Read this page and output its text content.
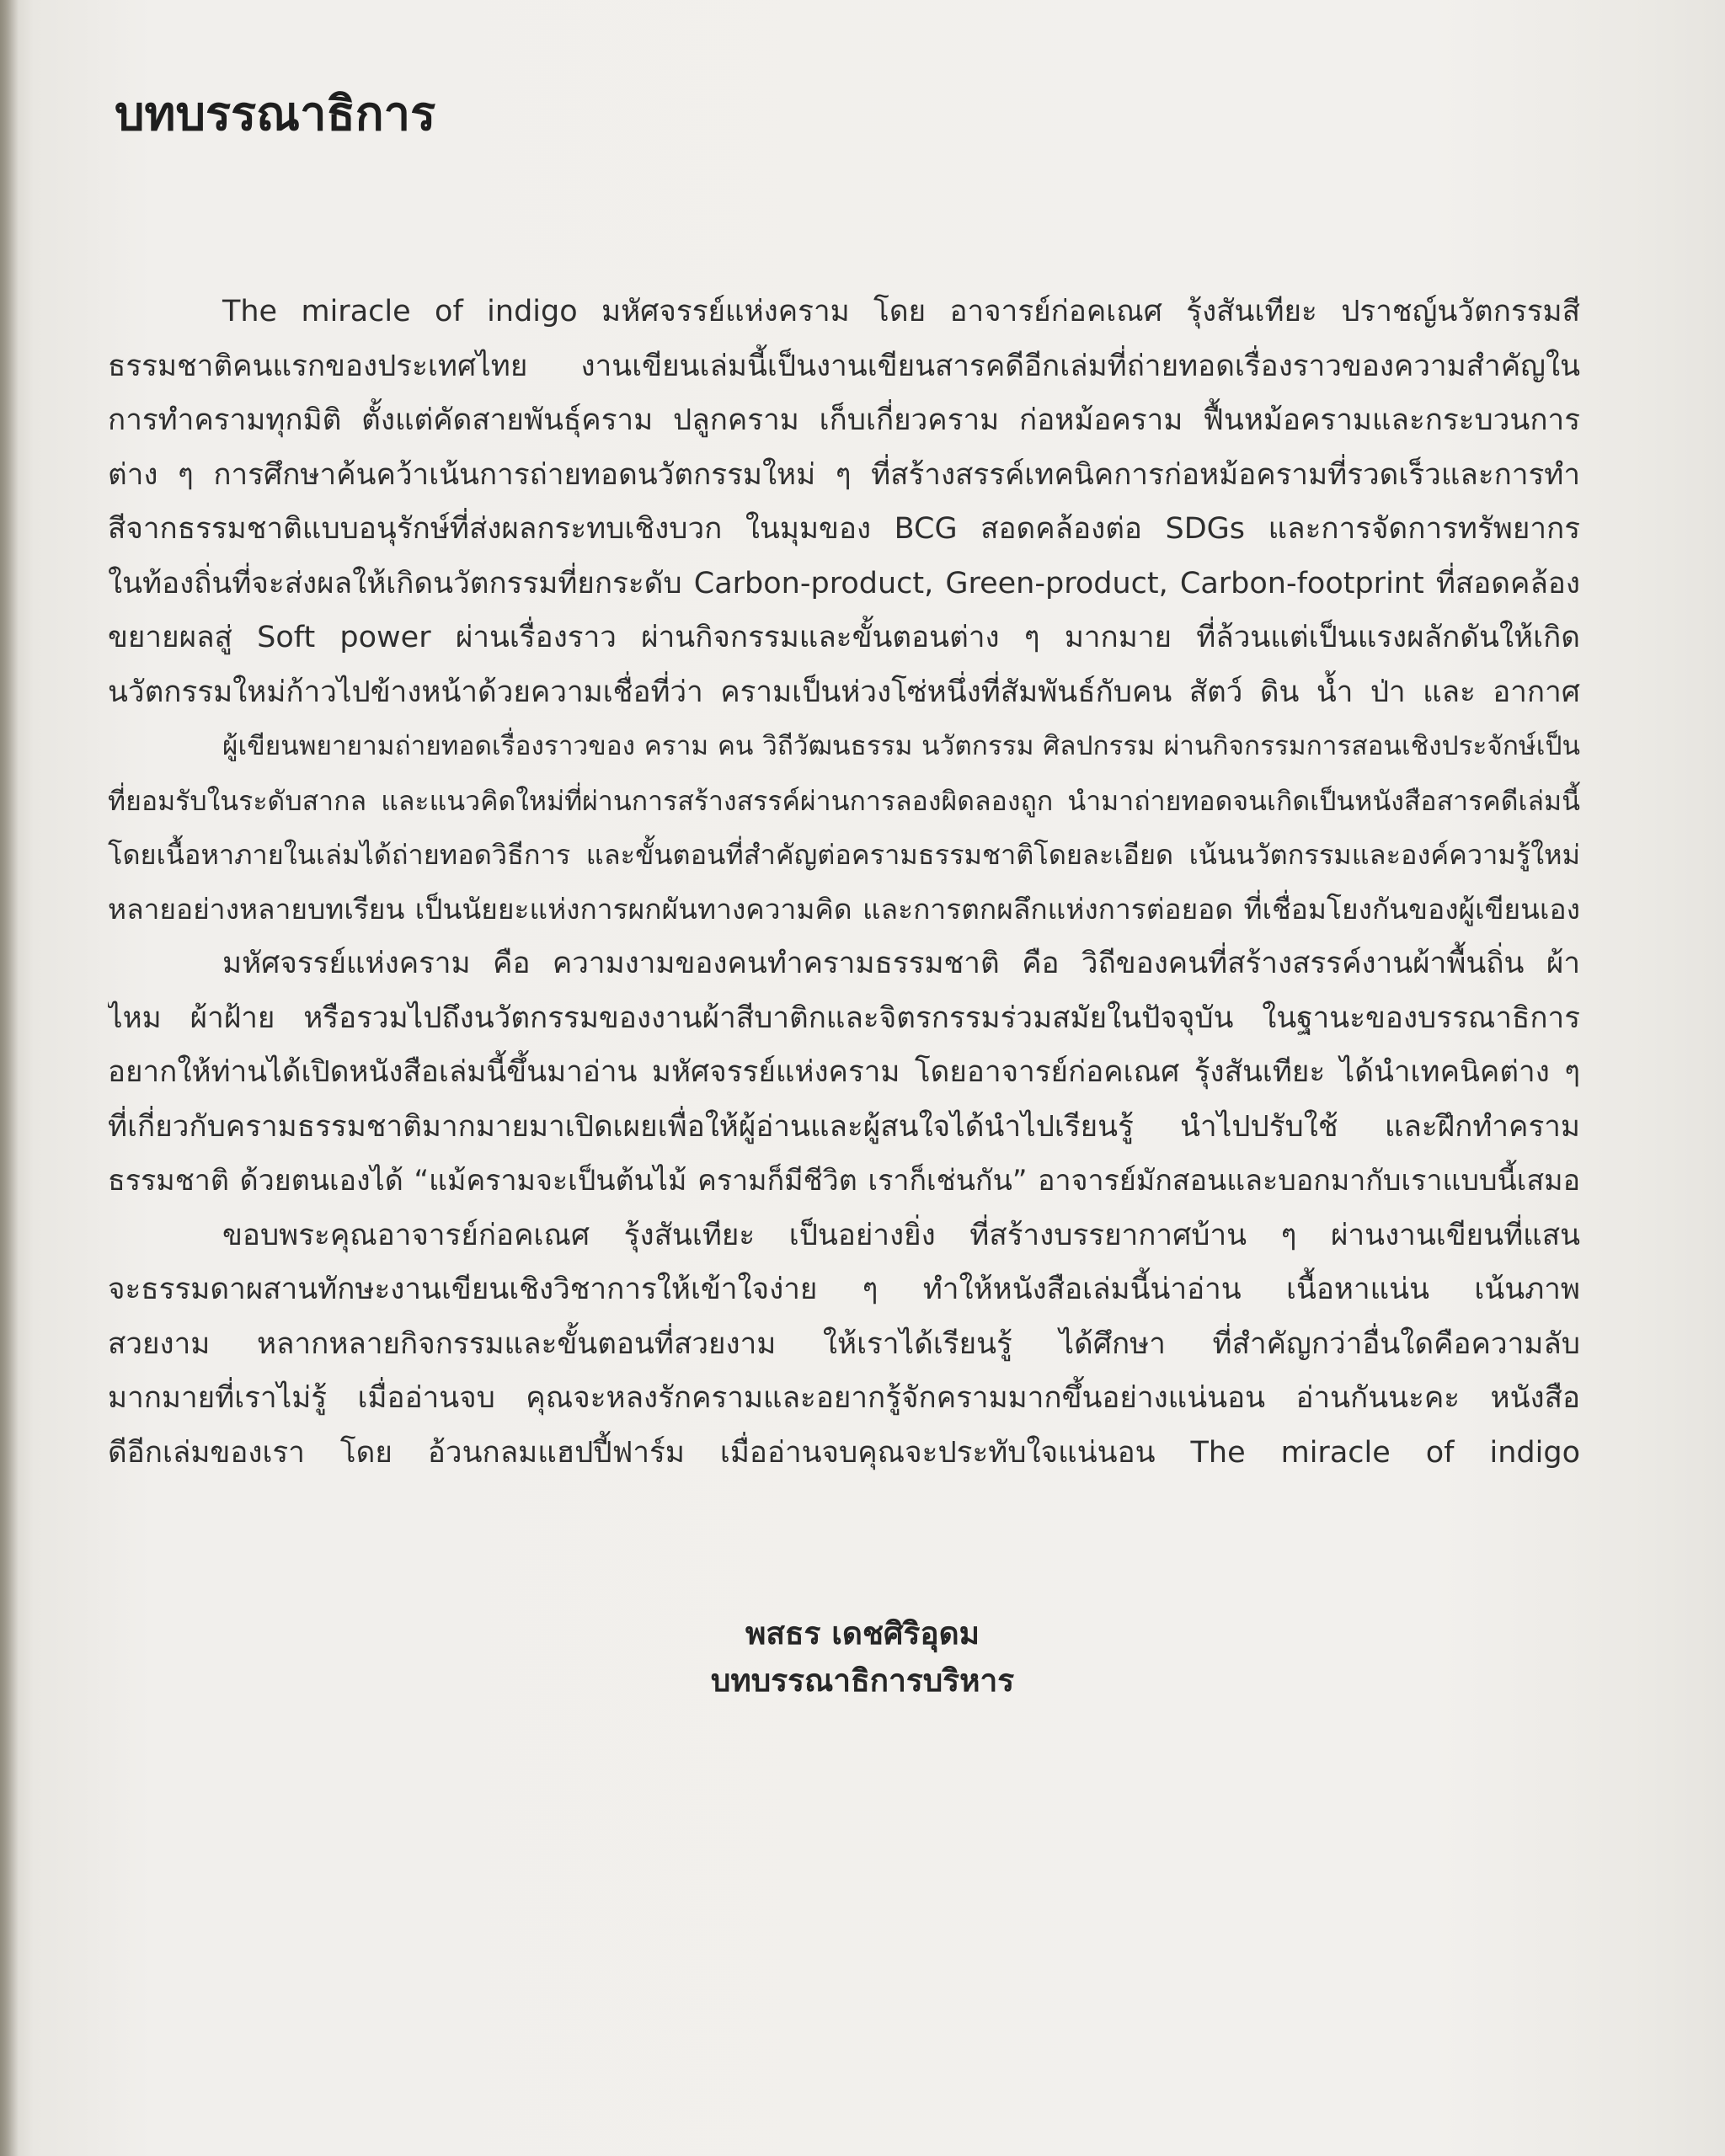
บทบรรณาธิการ
The miracle of indigo มหัศจรรย์แห่งคราม โดย อาจารย์ก่อคเณศ รุ้งสันเทียะ ปราชญ์นวัตกรรมสี
ธรรมชาติคนแรกของประเทศไทย งานเขียนเล่มนี้เป็นงานเขียนสารคดีอีกเล่มที่ถ่ายทอดเรื่องราวของความสำคัญใน
การทำครามทุกมิติ ตั้งแต่คัดสายพันธุ์คราม ปลูกคราม เก็บเกี่ยวคราม ก่อหม้อคราม ฟื้นหม้อครามและกระบวนการ
ต่าง ๆ การศึกษาค้นคว้าเน้นการถ่ายทอดนวัตกรรมใหม่ ๆ ที่สร้างสรรค์เทคนิคการก่อหม้อครามที่รวดเร็วและการทำ
สีจากธรรมชาติแบบอนุรักษ์ที่ส่งผลกระทบเชิงบวก ในมุมของ BCG สอดคล้องต่อ SDGs และการจัดการทรัพยากร
ในท้องถิ่นที่จะส่งผลให้เกิดนวัตกรรมที่ยกระดับ Carbon-product, Green-product, Carbon-footprint ที่สอดคล้อง
ขยายผลสู่ Soft power ผ่านเรื่องราว ผ่านกิจกรรมและขั้นตอนต่าง ๆ มากมาย ที่ล้วนแต่เป็นแรงผลักดันให้เกิด
นวัตกรรมใหม่ก้าวไปข้างหน้าด้วยความเชื่อที่ว่า ครามเป็นห่วงโซ่หนึ่งที่สัมพันธ์กับคน สัตว์ ดิน น้ำ ป่า และ อากาศ
ผู้เขียนพยายามถ่ายทอดเรื่องราวของ คราม คน วิถีวัฒนธรรม นวัตกรรม ศิลปกรรม ผ่านกิจกรรมการสอนเชิงประจักษ์เป็น
ที่ยอมรับในระดับสากล และแนวคิดใหม่ที่ผ่านการสร้างสรรค์ผ่านการลองผิดลองถูก นำมาถ่ายทอดจนเกิดเป็นหนังสือสารคดีเล่มนี้
โดยเนื้อหาภายในเล่มได้ถ่ายทอดวิธีการ และขั้นตอนที่สำคัญต่อครามธรรมชาติโดยละเอียด เน้นนวัตกรรมและองค์ความรู้ใหม่
หลายอย่างหลายบทเรียน เป็นนัยยะแห่งการผกผันทางความคิด และการตกผลึกแห่งการต่อยอด ที่เชื่อมโยงกันของผู้เขียนเอง
มหัศจรรย์แห่งคราม คือ ความงามของคนทำครามธรรมชาติ คือ วิถีของคนที่สร้างสรรค์งานผ้าพื้นถิ่น ผ้า
ไหม ผ้าฝ้าย หรือรวมไปถึงนวัตกรรมของงานผ้าสีบาติกและจิตรกรรมร่วมสมัยในปัจจุบัน ในฐานะของบรรณาธิการ
อยากให้ท่านได้เปิดหนังสือเล่มนี้ขึ้นมาอ่าน มหัศจรรย์แห่งคราม โดยอาจารย์ก่อคเณศ รุ้งสันเทียะ ได้นำเทคนิคต่าง ๆ
ที่เกี่ยวกับครามธรรมชาติมากมายมาเปิดเผยเพื่อให้ผู้อ่านและผู้สนใจได้นำไปเรียนรู้ นำไปปรับใช้ และฝึกทำคราม
ธรรมชาติ ด้วยตนเองได้ “แม้ครามจะเป็นต้นไม้ ครามก็มีชีวิต เราก็เช่นกัน” อาจารย์มักสอนและบอกมากับเราแบบนี้เสมอ
ขอบพระคุณอาจารย์ก่อคเณศ รุ้งสันเทียะ เป็นอย่างยิ่ง ที่สร้างบรรยากาศบ้าน ๆ ผ่านงานเขียนที่แสน
จะธรรมดาผสานทักษะงานเขียนเชิงวิชาการให้เข้าใจง่าย ๆ ทำให้หนังสือเล่มนี้น่าอ่าน เนื้อหาแน่น เน้นภาพ
สวยงาม หลากหลายกิจกรรมและขั้นตอนที่สวยงาม ให้เราได้เรียนรู้ ได้ศึกษา ที่สำคัญกว่าอื่นใดคือความลับ
มากมายที่เราไม่รู้ เมื่ออ่านจบ คุณจะหลงรักครามและอยากรู้จักครามมากขึ้นอย่างแน่นอน อ่านกันนะคะ หนังสือ
ดีอีกเล่มของเรา โดย อ้วนกลมแฮปปี้ฟาร์ม เมื่ออ่านจบคุณจะประทับใจแน่นอน The miracle of indigo
พสธร เดชศิริอุดม
บทบรรณาธิการบริหาร
